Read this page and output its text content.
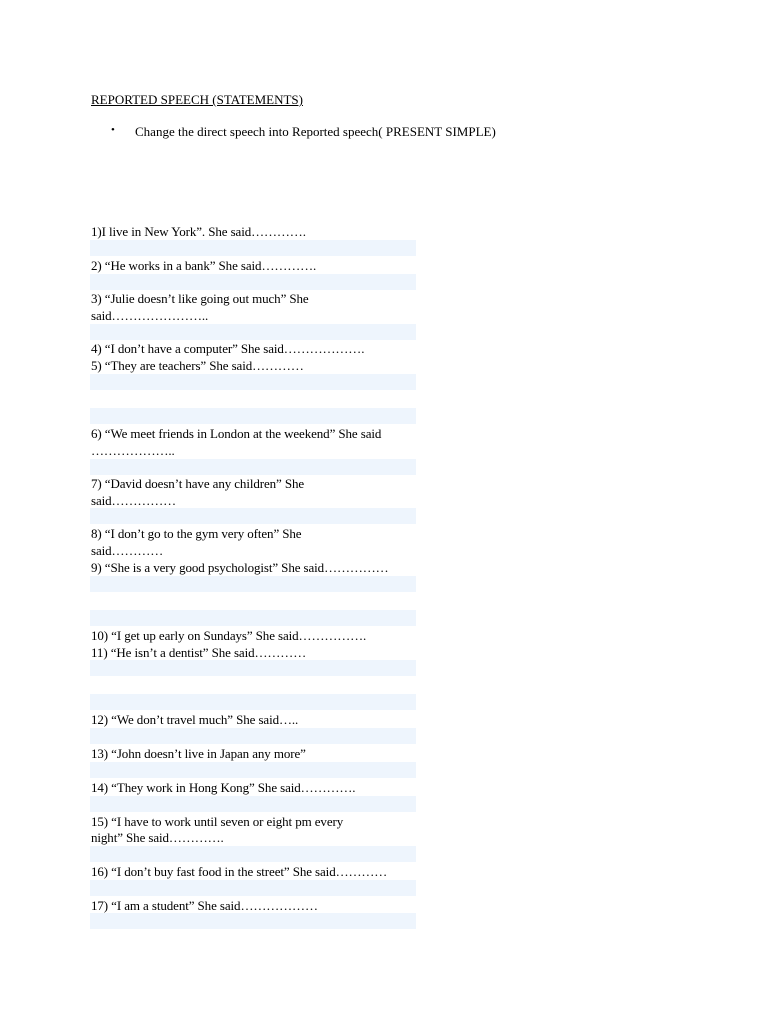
REPORTED SPEECH (STATEMENTS)
• Change the direct speech into Reported speech( PRESENT SIMPLE)
1)I live in New York”. She said………….
2) “He works in a bank” She said………….
3) “Julie doesn’t like going out much” She
said…………………..
4) “I don’t have a computer” She said……………….
5) “They are teachers” She said…………
6) “We meet friends in London at the weekend” She said
………………..
7) “David doesn’t have any children” She
said……………
8) “I don’t go to the gym very often” She
said…………
9) “She is a very good psychologist” She said……………
10) “I get up early on Sundays” She said…………….
11) “He isn’t a dentist” She said…………
12) “We don’t travel much” She said…..
13) “John doesn’t live in Japan any more”
14) “They work in Hong Kong” She said………….
15) “I have to work until seven or eight pm every
night” She said………….
16) “I don’t buy fast food in the street” She said…………
17) “I am a student” She said………………
